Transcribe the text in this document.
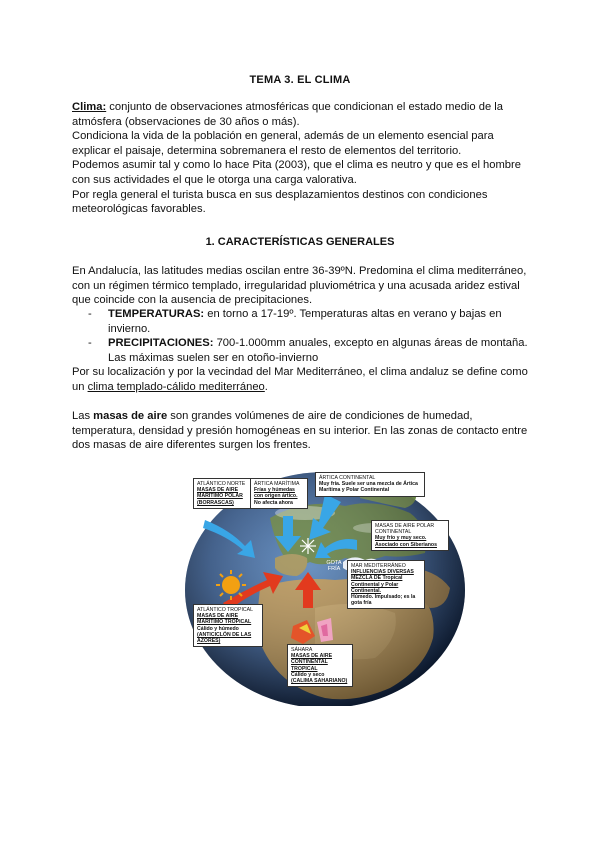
TEMA 3. EL CLIMA
Clima: conjunto de observaciones atmosféricas que condicionan el estado medio de la atmósfera (observaciones de 30 años o más).
Condiciona la vida de la población en general, además de un elemento esencial para explicar el paisaje, determina sobremanera el resto de elementos del territorio.
Podemos asumir tal y como lo hace Pita (2003), que el clima es neutro y que es el hombre con sus actividades el que le otorga una carga valorativa.
Por regla general el turista busca en sus desplazamientos destinos con condiciones meteorológicas favorables.
1. CARACTERÍSTICAS GENERALES
En Andalucía, las latitudes medias oscilan entre 36-39ºN. Predomina el clima mediterráneo, con un régimen térmico templado, irregularidad pluviométrica y una acusada aridez estival que coincide con la ausencia de precipitaciones.
- TEMPERATURAS: en torno a 17-19º. Temperaturas altas en verano y bajas en invierno.
- PRECIPITACIONES: 700-1.000mm anuales, excepto en algunas áreas de montaña. Las máximas suelen ser en otoño-invierno
Por su localización y por la vecindad del Mar Mediterráneo, el clima andaluz se define como un clima templado-cálido mediterráneo.
Las masas de aire son grandes volúmenes de aire de condiciones de humedad, temperatura, densidad y presión homogéneas en su interior. En las zonas de contacto entre dos masas de aire diferentes surgen los frentes.
ATLÁNTICO NORTE
MASAS DE AIRE MARÍTIMO POLAR (BORRASCAS)
ÁRTICA MARÍTIMA
Frías y húmedas con origen ártico.
No afecta ahora
ÁRTICA CONTINENTAL
Muy fría. Suele ser una mezcla de Ártica Marítima y Polar Continental
MASAS DE AIRE POLAR CONTINENTAL
Muy frío y muy seco. Asociado con Siberianos
MAR MEDITERRÁNEO
INFLUENCIAS DIVERSAS MEZCLA DE Tropical Continental y Polar Continental.
Húmedo. Impulsado; es la gota fría
ATLÁNTICO TROPICAL
MASAS DE AIRE MARÍTIMO TROPICAL
Cálido y húmedo
(ANTICICLÓN DE LAS AZORES)
SÁHARA
MASAS DE AIRE CONTINENTAL TROPICAL
Cálido y seco
(CALIMA SAHARIANO)
GOTA FRÍA
